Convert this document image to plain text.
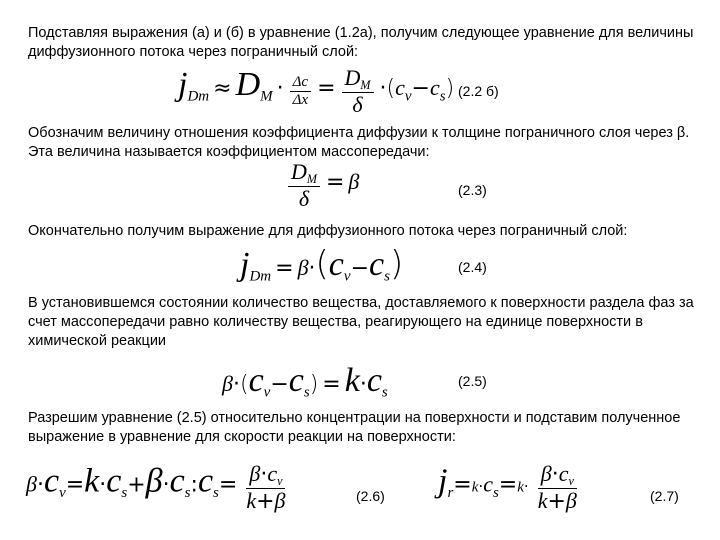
Подставляя выражения (а) и (б) в уравнение (1.2а), получим следующее уравнение для величины диффузионного потока через пограничный слой:
$j_{Dm} \approx D_М \cdot \frac{\Delta c}{\Delta x} = \frac{D_М}{\delta} \cdot(c_v-c_s)$ (2.2 б)
Обозначим величину отношения коэффициента диффузии к толщине пограничного слоя через β. Эта величина называется коэффициентом массопередачи:
$\frac{D_М}{\delta} = \beta$	(2.3)
Окончательно получим выражение для диффузионного потока через пограничный слой:
$j_{Dm} = \beta\cdot(c_v-c_s)$	(2.4)
В установившемся состоянии количество вещества, доставляемого к поверхности раздела фаз за счет массопередачи равно количеству вещества, реагирующего на единице поверхности в химической реакции
$\beta\cdot(c_v-c_s) = k\cdot c_s$
(2.5)
Разрешим уравнение (2.5) относительно концентрации на поверхности и подставим полученное выражение в уравнение для скорости реакции на поверхности:
$\beta\cdot c_v=k\cdot c_s+\beta\cdot c_s:c_s= \frac{\beta\cdot c_v}{k+\beta}$	(2.6) $j_r=k\cdot c_s=k\cdot \frac{\beta\cdot c_v}{k+\beta}$	(2.7)
